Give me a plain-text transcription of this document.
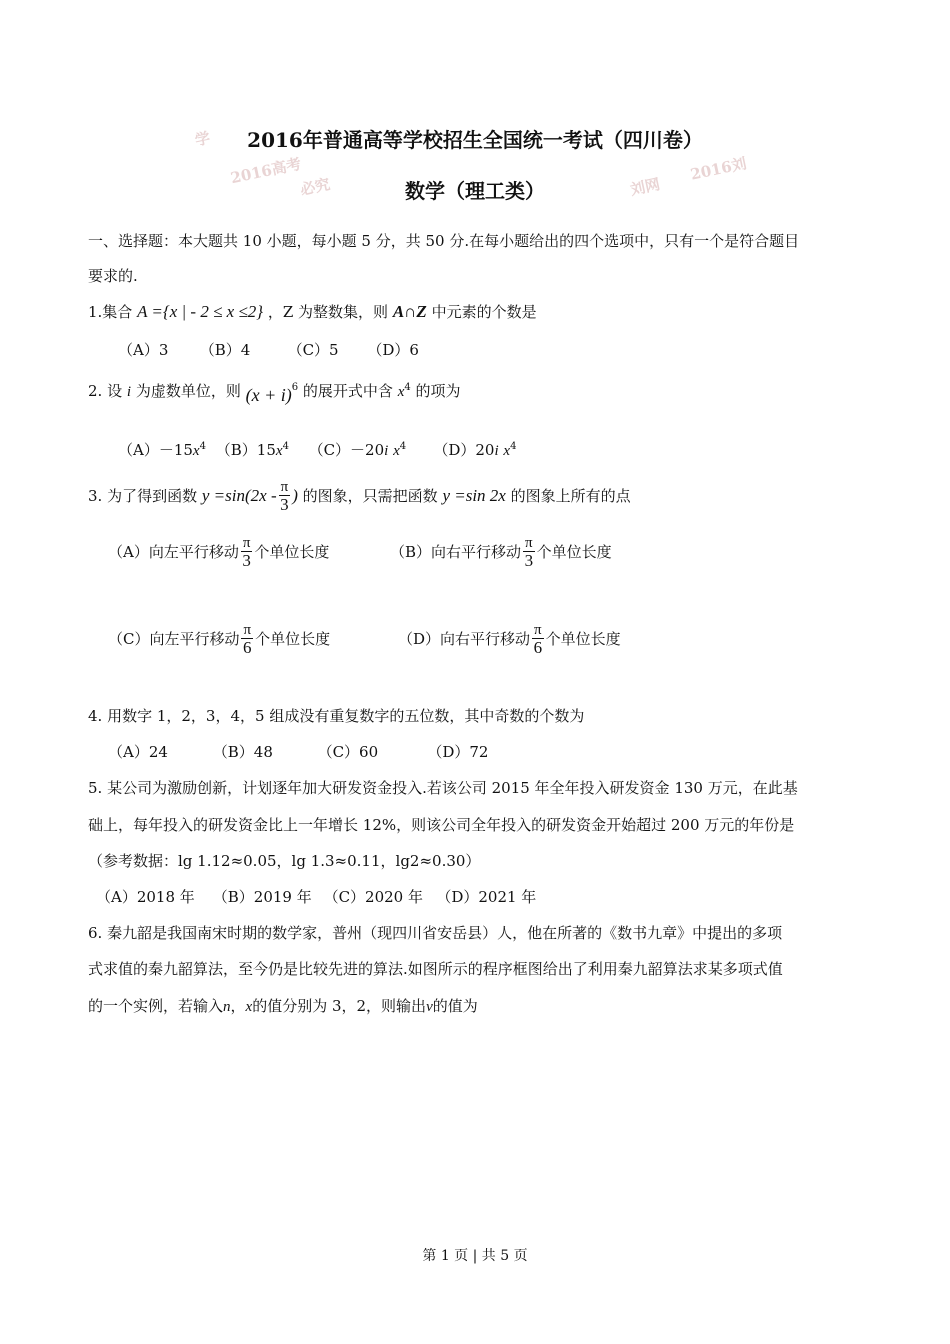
学
2016高考
必究	刘网
2016刘
2016年普通高等学校招生全国统一考试（四川卷）
数学（理工类）
一、选择题：本大题共 10 小题，每小题 5 分，共 50 分.在每小题给出的四个选项中，只有一个是符合题目
要求的.
1.集合 A ={x | - 2 ≤ x ≤2} ，Z 为整数集，则 A∩Z 中元素的个数是
（A）3 （B）4 （C）5 （D）6
2. 设 i 为虚数单位，则 $(x + i)^6$ 的展开式中含 $x^4$ 的项为
$(A)-15x^4$ $(B)15x^4$ （C）－20i $x^4$ （D）20i $x^4$
3. 为了得到函数 $y =\sin(2x - \frac{\pi}{3}$ ) 的图象，只需把函数 y =sin 2x 的图象上所有的点
（A）向左平行移动 $\frac{\pi}{3}$ 个单位长度	（B）向右平行移动 $\frac{\pi}{3}$ 个单位长度
（C）向左平行移动 $\frac{\pi}{6}$ 个单位长度	（D）向右平行移动 $\frac{\pi}{6}$ 个单位长度
4. 用数字 1，2，3，4，5 组成没有重复数字的五位数，其中奇数的个数为
（A）24	（B）48	（C）60	（D）72
5. 某公司为激励创新，计划逐年加大研发资金投入.若该公司 2015 年全年投入研发资金 130 万元，在此基
础上，每年投入的研发资金比上一年增长 12%，则该公司全年投入的研发资金开始超过 200 万元的年份是
（参考数据：lg 1.12≈0.05，lg 1.3≈0.11，lg2≈0.30）
（A）2018 年 （B）2019 年 （C）2020 年 （D）2021 年
6. 秦九韶是我国南宋时期的数学家，普州（现四川省安岳县）人，他在所著的《数书九章》中提出的多项
式求值的秦九韶算法，至今仍是比较先进的算法.如图所示的程序框图给出了利用秦九韶算法求某多项式值
的一个实例，若输入n，x的值分别为 3，2，则输出v的值为
第 1 页 | 共 5 页
